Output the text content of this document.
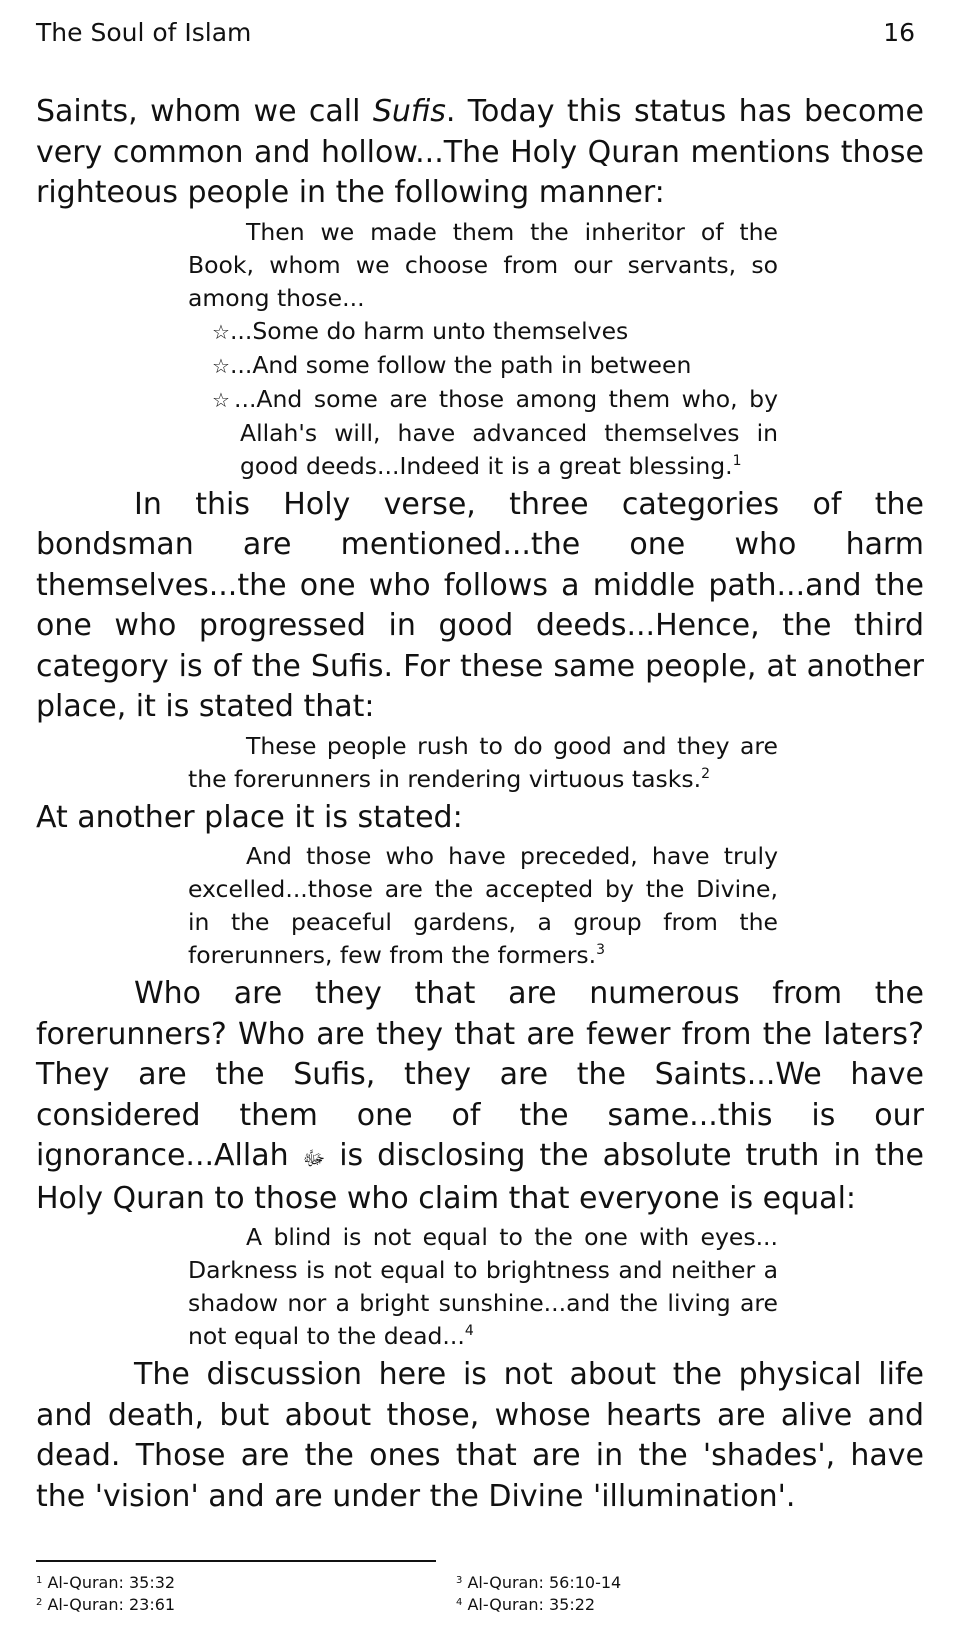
The Soul of Islam	16

Saints, whom we call Sufis. Today this status has become very common and hollow...The Holy Quran mentions those righteous people in the following manner:

Then we made them the inheritor of the Book, whom we choose from our servants, so among those...
☆...Some do harm unto themselves
☆...And some follow the path in between
☆...And some are those among them who, by Allah's will, have advanced themselves in good deeds...Indeed it is a great blessing.$^1$

In this Holy verse, three categories of the bondsman are mentioned...the one who harm themselves...the one who follows a middle path...and the one who progressed in good deeds...Hence, the third category is of the Sufis. For these same people, at another place, it is stated that:

These people rush to do good and they are the forerunners in rendering virtuous tasks.$^2$

At another place it is stated:

And those who have preceded, have truly excelled...those are the accepted by the Divine, in the peaceful gardens, a group from the forerunners, few from the formers.$^3$

Who are they that are numerous from the forerunners? Who are they that are fewer from the laters? They are the Sufis, they are the Saints...We have considered them one of the same...this is our ignorance...Allah ﷻ is disclosing the absolute truth in the Holy Quran to those who claim that everyone is equal:

A blind is not equal to the one with eyes... Darkness is not equal to brightness and neither a shadow nor a bright sunshine...and the living are not equal to the dead...$^4$

The discussion here is not about the physical life and death, but about those, whose hearts are alive and dead. Those are the ones that are in the 'shades', have the 'vision' and are under the Divine 'illumination'.

$^1$ Al-Quran: 35:32	$^3$ Al-Quran: 56:10-14
$^2$ Al-Quran: 23:61	$^4$ Al-Quran: 35:22
